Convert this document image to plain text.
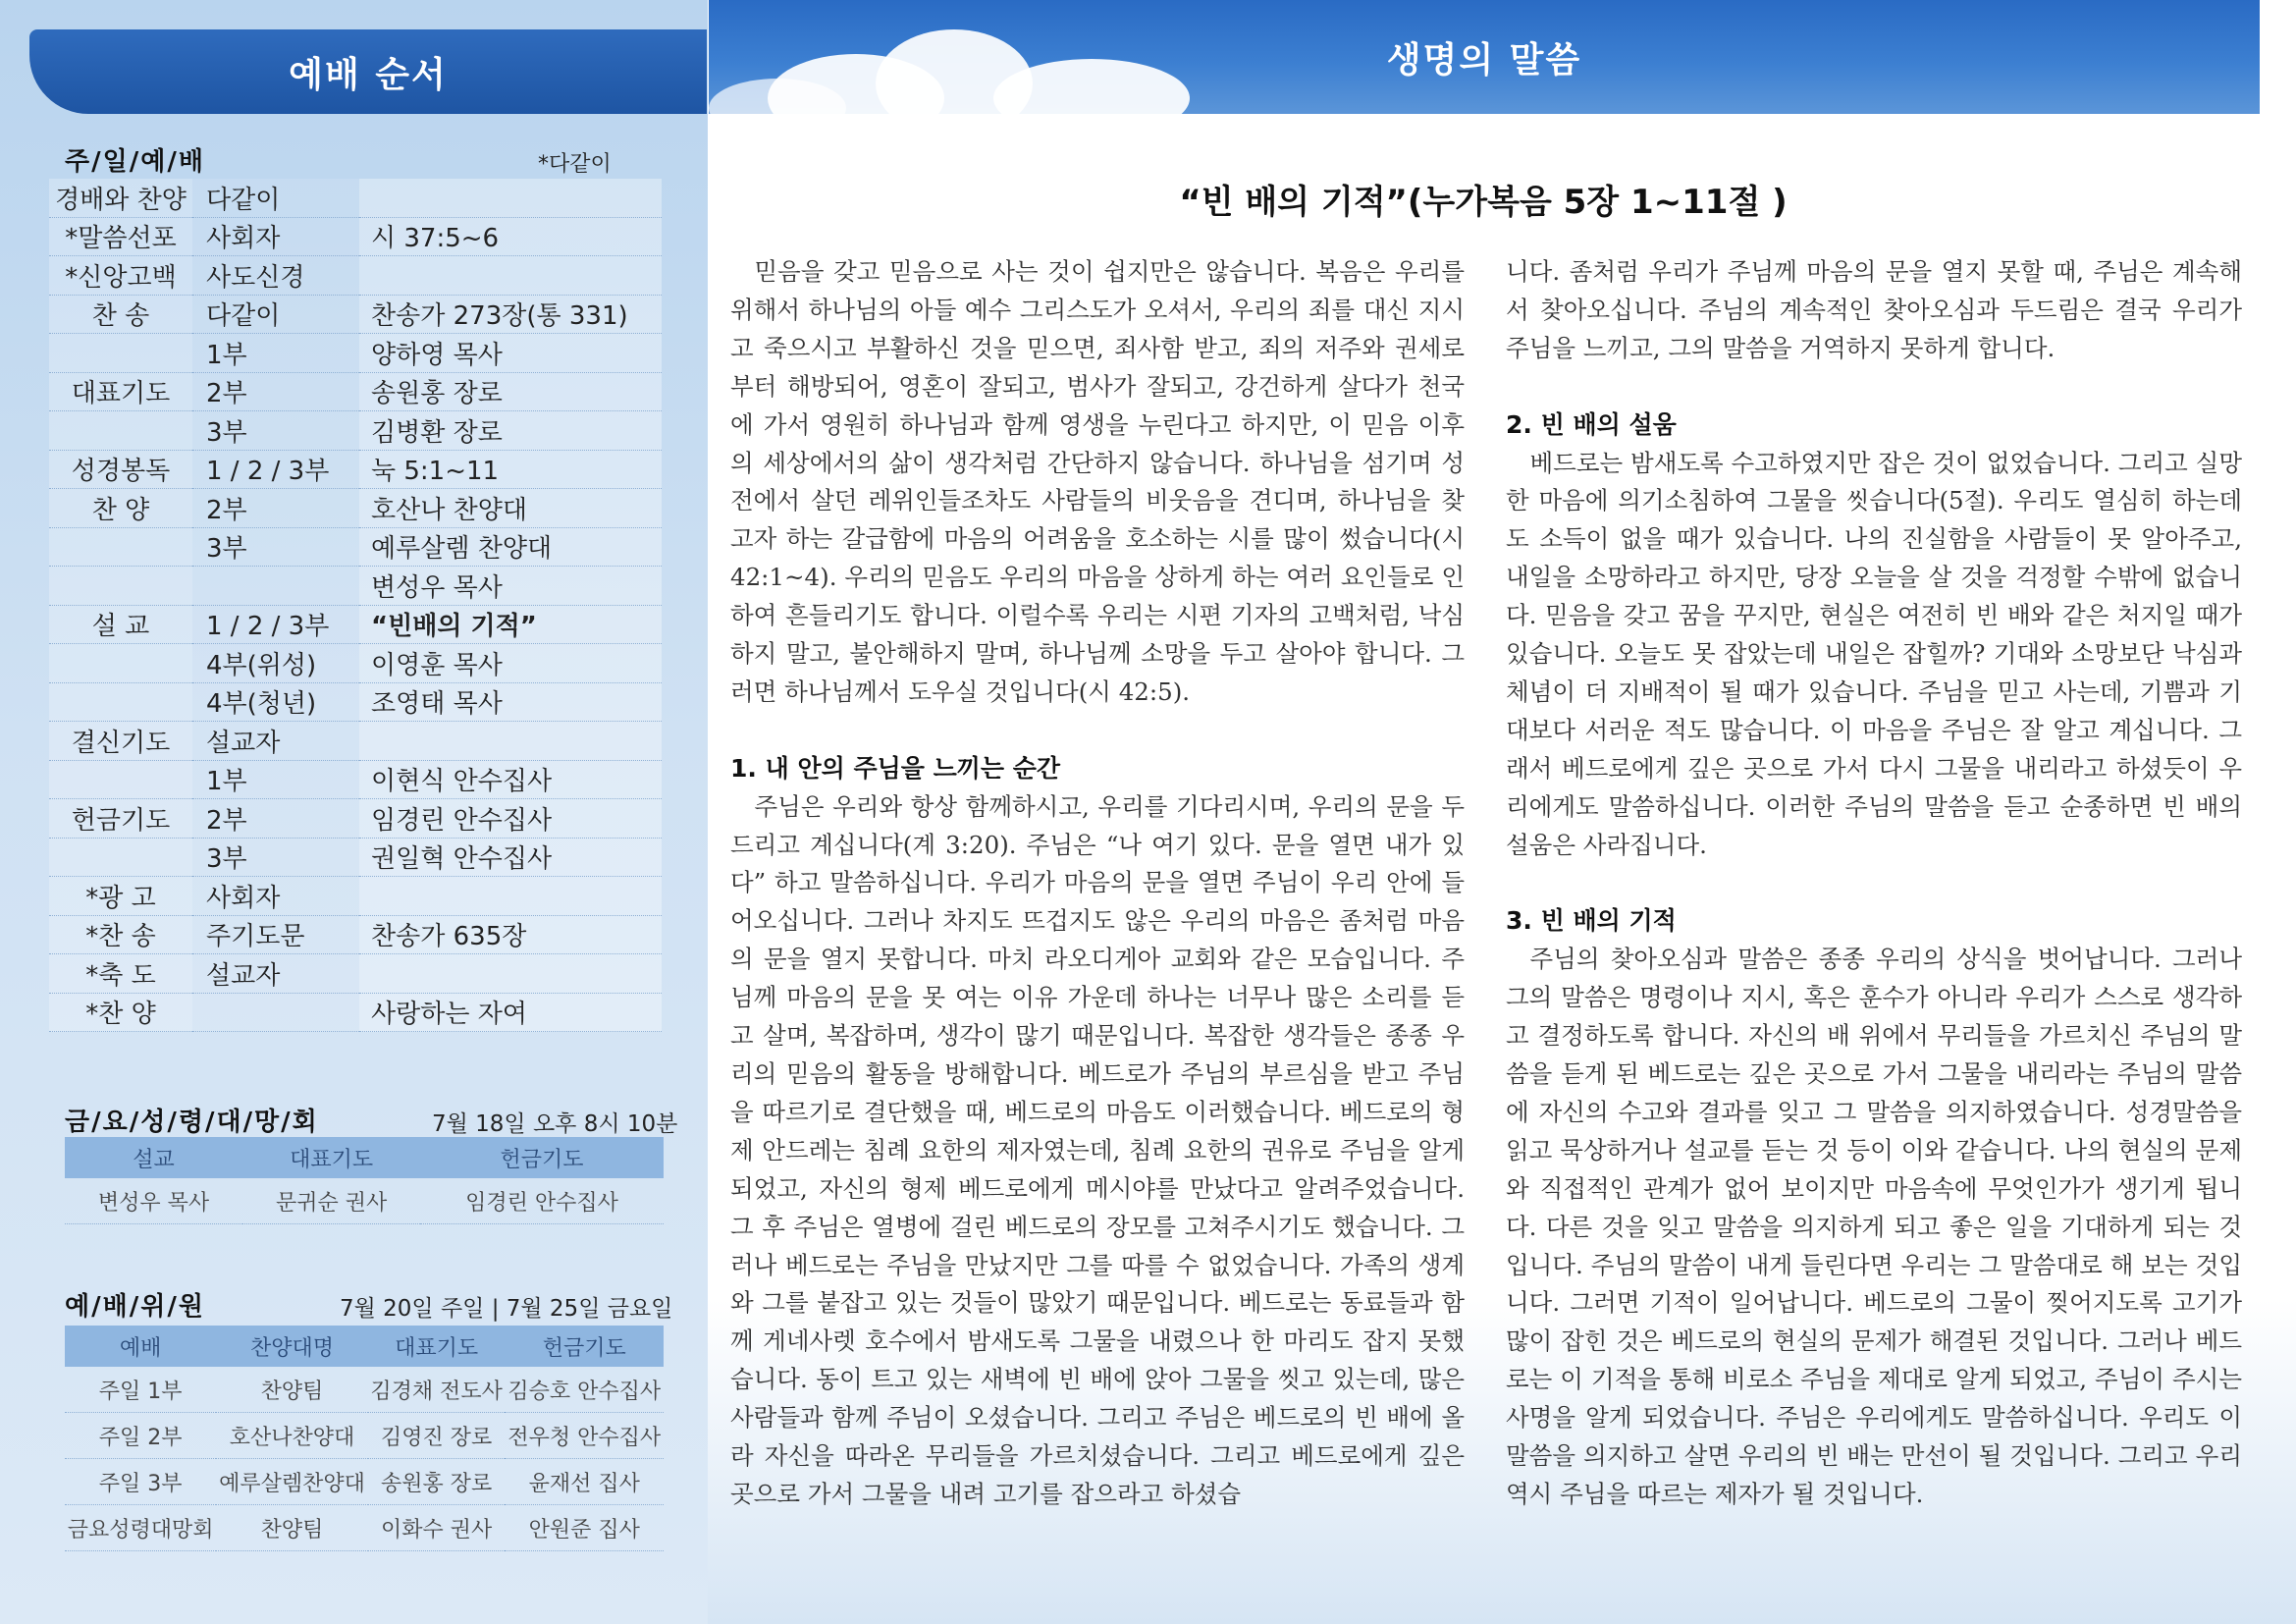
예배 순서	생명의 말씀
주/일/예/배	*다같이
경배와 찬양	다같이	
*말씀선포	사회자	시 37:5~6
*신앙고백	사도신경	
찬 송	다같이	찬송가 273장(통 331)
	1부	양하영 목사
대표기도	2부	송원홍 장로
	3부	김병환 장로
성경봉독	1 / 2 / 3부	눅 5:1~11
찬 양	2부	호산나 찬양대
	3부	예루살렘 찬양대
		변성우 목사
설 교	1 / 2 / 3부	“빈배의 기적”
	4부(위성)	이영훈 목사
	4부(청년)	조영태 목사
결신기도	설교자	
	1부	이현식 안수집사
헌금기도	2부	임경린 안수집사
	3부	권일혁 안수집사
*광 고	사회자	
*찬 송	주기도문	찬송가 635장
*축 도	설교자	
*찬 양		사랑하는 자여
금/요/성/령/대/망/회	7월 18일 오후 8시 10분
설교	대표기도	헌금기도
변성우 목사	문귀순 권사	임경린 안수집사
예/배/위/원	7월 20일 주일 | 7월 25일 금요일
예배	찬양대명	대표기도	헌금기도
주일 1부	찬양팀	김경채 전도사	김승호 안수집사
주일 2부	호산나찬양대	김영진 장로	전우청 안수집사
주일 3부	예루살렘찬양대	송원홍 장로	윤재선 집사
금요성령대망회	찬양팀	이화수 권사	안원준 집사
“빈 배의 기적”(누가복음 5장 1~11절 )

믿음을 갖고 믿음으로 사는 것이 쉽지만은 않습니다. 복음은 우리를 위해서 하나님의 아들 예수 그리스도가 오셔서, 우리의 죄를 대신 지시고 죽으시고 부활하신 것을 믿으면, 죄사함 받고, 죄의 저주와 권세로부터 해방되어, 영혼이 잘되고, 범사가 잘되고, 강건하게 살다가 천국에 가서 영원히 하나님과 함께 영생을 누린다고 하지만, 이 믿음 이후의 세상에서의 삶이 생각처럼 간단하지 않습니다. 하나님을 섬기며 성전에서 살던 레위인들조차도 사람들의 비웃음을 견디며, 하나님을 찾고자 하는 갈급함에 마음의 어려움을 호소하는 시를 많이 썼습니다(시 42:1~4). 우리의 믿음도 우리의 마음을 상하게 하는 여러 요인들로 인하여 흔들리기도 합니다. 이럴수록 우리는 시편 기자의 고백처럼, 낙심하지 말고, 불안해하지 말며, 하나님께 소망을 두고 살아야 합니다. 그러면 하나님께서 도우실 것입니다(시 42:5).

1. 내 안의 주님을 느끼는 순간

주님은 우리와 항상 함께하시고, 우리를 기다리시며, 우리의 문을 두드리고 계십니다(계 3:20). 주님은 “나 여기 있다. 문을 열면 내가 있다” 하고 말씀하십니다. 우리가 마음의 문을 열면 주님이 우리 안에 들어오십니다. 그러나 차지도 뜨겁지도 않은 우리의 마음은 좀처럼 마음의 문을 열지 못합니다. 마치 라오디게아 교회와 같은 모습입니다. 주님께 마음의 문을 못 여는 이유 가운데 하나는 너무나 많은 소리를 듣고 살며, 복잡하며, 생각이 많기 때문입니다. 복잡한 생각들은 종종 우리의 믿음의 활동을 방해합니다. 베드로가 주님의 부르심을 받고 주님을 따르기로 결단했을 때, 베드로의 마음도 이러했습니다. 베드로의 형제 안드레는 침례 요한의 제자였는데, 침례 요한의 권유로 주님을 알게 되었고, 자신의 형제 베드로에게 메시야를 만났다고 알려주었습니다. 그 후 주님은 열병에 걸린 베드로의 장모를 고쳐주시기도 했습니다. 그러나 베드로는 주님을 만났지만 그를 따를 수 없었습니다. 가족의 생계와 그를 붙잡고 있는 것들이 많았기 때문입니다. 베드로는 동료들과 함께 게네사렛 호수에서 밤새도록 그물을 내렸으나 한 마리도 잡지 못했습니다. 동이 트고 있는 새벽에 빈 배에 앉아 그물을 씻고 있는데, 많은 사람들과 함께 주님이 오셨습니다. 그리고 주님은 베드로의 빈 배에 올라 자신을 따라온 무리들을 가르치셨습니다. 그리고 베드로에게 깊은 곳으로 가서 그물을 내려 고기를 잡으라고 하셨습

니다. 좀처럼 우리가 주님께 마음의 문을 열지 못할 때, 주님은 계속해서 찾아오십니다. 주님의 계속적인 찾아오심과 두드림은 결국 우리가 주님을 느끼고, 그의 말씀을 거역하지 못하게 합니다.

2. 빈 배의 설움

베드로는 밤새도록 수고하였지만 잡은 것이 없었습니다. 그리고 실망한 마음에 의기소침하여 그물을 씻습니다(5절). 우리도 열심히 하는데도 소득이 없을 때가 있습니다. 나의 진실함을 사람들이 못 알아주고, 내일을 소망하라고 하지만, 당장 오늘을 살 것을 걱정할 수밖에 없습니다. 믿음을 갖고 꿈을 꾸지만, 현실은 여전히 빈 배와 같은 처지일 때가 있습니다. 오늘도 못 잡았는데 내일은 잡힐까? 기대와 소망보단 낙심과 체념이 더 지배적이 될 때가 있습니다. 주님을 믿고 사는데, 기쁨과 기대보다 서러운 적도 많습니다. 이 마음을 주님은 잘 알고 계십니다. 그래서 베드로에게 깊은 곳으로 가서 다시 그물을 내리라고 하셨듯이 우리에게도 말씀하십니다. 이러한 주님의 말씀을 듣고 순종하면 빈 배의 설움은 사라집니다.

3. 빈 배의 기적

주님의 찾아오심과 말씀은 종종 우리의 상식을 벗어납니다. 그러나 그의 말씀은 명령이나 지시, 혹은 훈수가 아니라 우리가 스스로 생각하고 결정하도록 합니다. 자신의 배 위에서 무리들을 가르치신 주님의 말씀을 듣게 된 베드로는 깊은 곳으로 가서 그물을 내리라는 주님의 말씀에 자신의 수고와 결과를 잊고 그 말씀을 의지하였습니다. 성경말씀을 읽고 묵상하거나 설교를 듣는 것 등이 이와 같습니다. 나의 현실의 문제와 직접적인 관계가 없어 보이지만 마음속에 무엇인가가 생기게 됩니다. 다른 것을 잊고 말씀을 의지하게 되고 좋은 일을 기대하게 되는 것입니다. 주님의 말씀이 내게 들린다면 우리는 그 말씀대로 해 보는 것입니다. 그러면 기적이 일어납니다. 베드로의 그물이 찢어지도록 고기가 많이 잡힌 것은 베드로의 현실의 문제가 해결된 것입니다. 그러나 베드로는 이 기적을 통해 비로소 주님을 제대로 알게 되었고, 주님이 주시는 사명을 알게 되었습니다. 주님은 우리에게도 말씀하십니다. 우리도 이 말씀을 의지하고 살면 우리의 빈 배는 만선이 될 것입니다. 그리고 우리 역시 주님을 따르는 제자가 될 것입니다.
